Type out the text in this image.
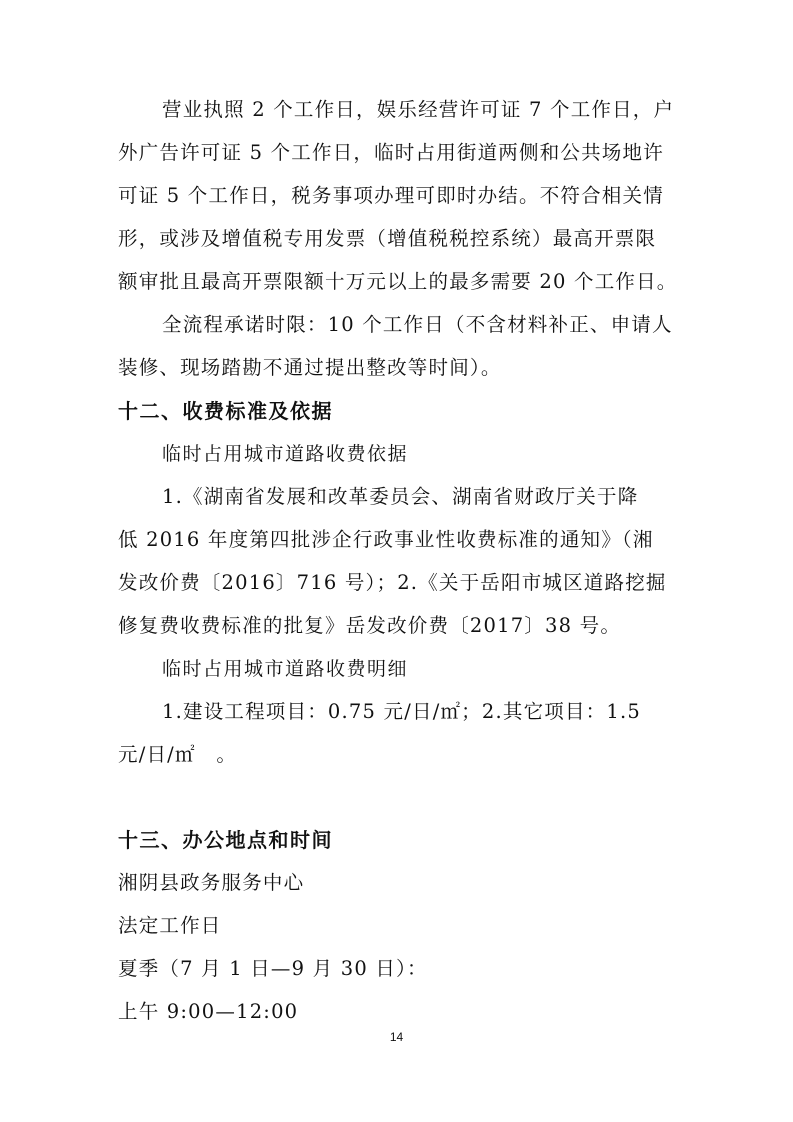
营业执照 2 个工作日，娱乐经营许可证 7 个工作日，户
外广告许可证 5 个工作日，临时占用街道两侧和公共场地许
可证 5 个工作日，税务事项办理可即时办结。不符合相关情
形，或涉及增值税专用发票（增值税税控系统）最高开票限
额审批且最高开票限额十万元以上的最多需要 20 个工作日。
全流程承诺时限：10 个工作日（不含材料补正、申请人
装修、现场踏勘不通过提出整改等时间）。
十二、收费标准及依据
临时占用城市道路收费依据
1.《湖南省发展和改革委员会、湖南省财政厅关于降
低 2016 年度第四批涉企行政事业性收费标准的通知》（湘
发改价费〔2016〕716 号）；2.《关于岳阳市城区道路挖掘
修复费收费标准的批复》岳发改价费〔2017〕38 号。
临时占用城市道路收费明细
1.建设工程项目：0.75 元/日/㎡；2.其它项目：1.5
元/日/㎡　。
十三、办公地点和时间
湘阴县政务服务中心
法定工作日
夏季（7 月 1 日—9 月 30 日）：
上午 9:00—12:00
14
